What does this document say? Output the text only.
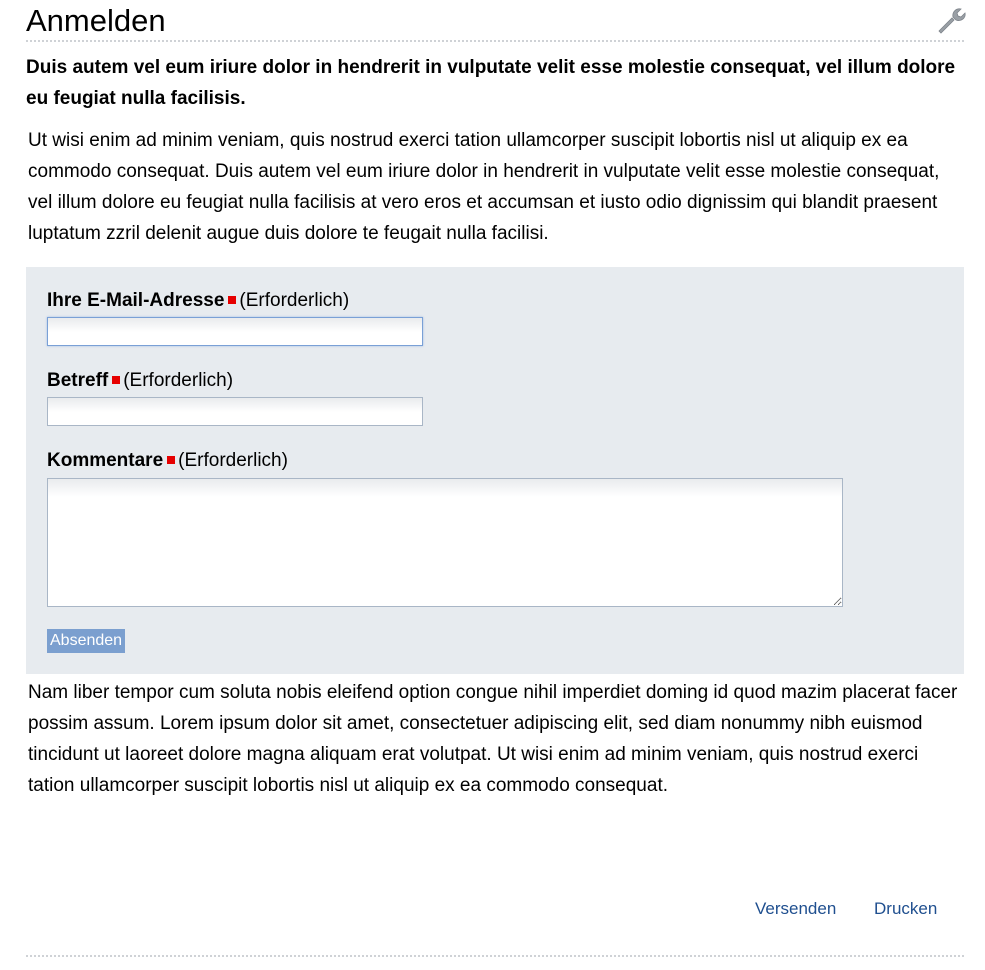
Anmelden

Duis autem vel eum iriure dolor in hendrerit in vulputate velit esse molestie consequat, vel illum dolore eu feugiat nulla facilisis.

Ut wisi enim ad minim veniam, quis nostrud exerci tation ullamcorper suscipit lobortis nisl ut aliquip ex ea commodo consequat. Duis autem vel eum iriure dolor in hendrerit in vulputate velit esse molestie consequat, vel illum dolore eu feugiat nulla facilisis at vero eros et accumsan et iusto odio dignissim qui blandit praesent luptatum zzril delenit augue duis dolore te feugait nulla facilisi.

Ihre E-Mail-Adresse (Erforderlich)
Betreff (Erforderlich)
Kommentare (Erforderlich)
Absenden

Nam liber tempor cum soluta nobis eleifend option congue nihil imperdiet doming id quod mazim placerat facer possim assum. Lorem ipsum dolor sit amet, consectetuer adipiscing elit, sed diam nonummy nibh euismod tincidunt ut laoreet dolore magna aliquam erat volutpat. Ut wisi enim ad minim veniam, quis nostrud exerci tation ullamcorper suscipit lobortis nisl ut aliquip ex ea commodo consequat.

Versenden Drucken
